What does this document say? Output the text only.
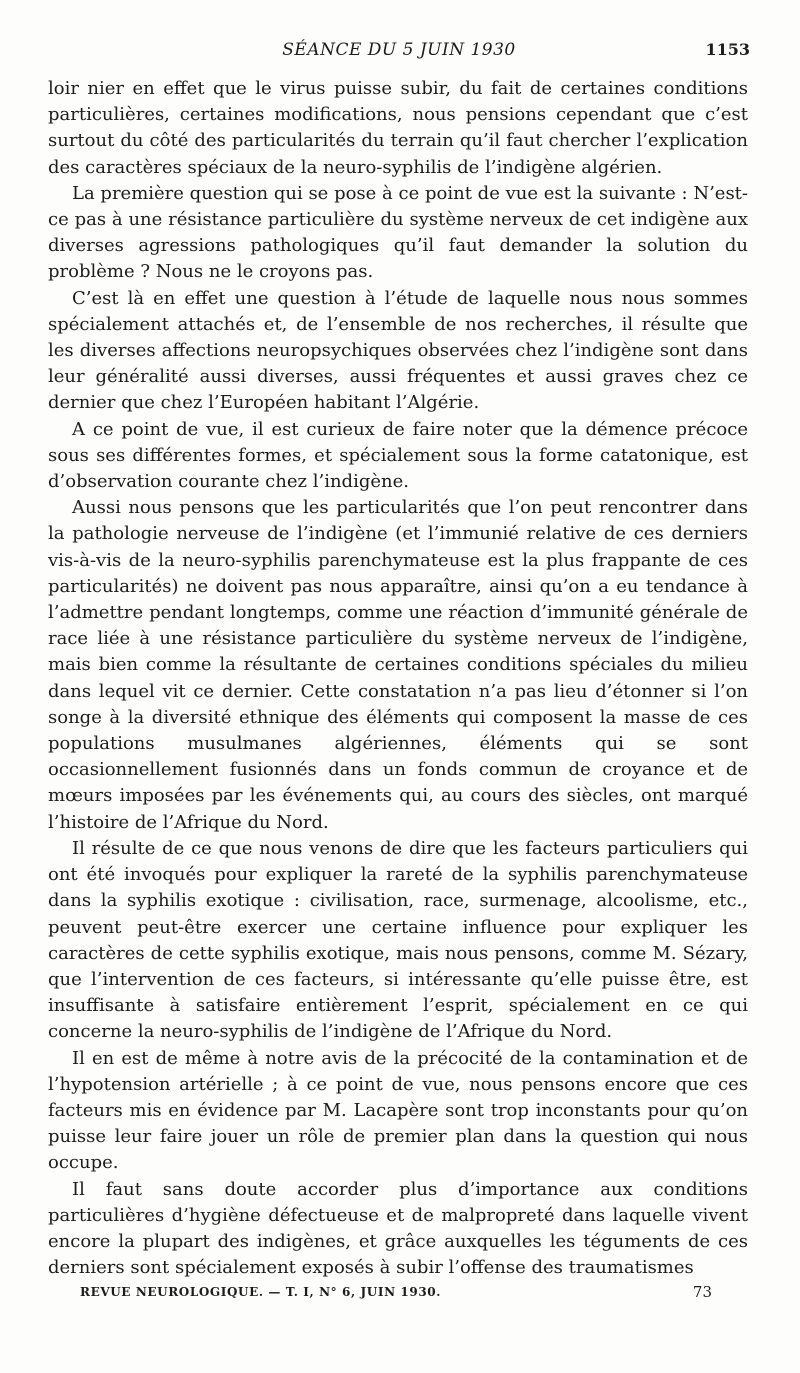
SÉANCE DU 5 JUIN 1930	1153

loir nier en effet que le virus puisse subir, du fait de certaines conditions particulières, certaines modifications, nous pensions cependant que c’est surtout du côté des particularités du terrain qu’il faut chercher l’explication des caractères spéciaux de la neuro-syphilis de l’indigène algérien.

La première question qui se pose à ce point de vue est la suivante : N’est-ce pas à une résistance particulière du système nerveux de cet indigène aux diverses agressions pathologiques qu’il faut demander la solution du problème ? Nous ne le croyons pas.

C’est là en effet une question à l’étude de laquelle nous nous sommes spécialement attachés et, de l’ensemble de nos recherches, il résulte que les diverses affections neuropsychiques observées chez l’indigène sont dans leur généralité aussi diverses, aussi fréquentes et aussi graves chez ce dernier que chez l’Européen habitant l’Algérie.

A ce point de vue, il est curieux de faire noter que la démence précoce sous ses différentes formes, et spécialement sous la forme catatonique, est d’observation courante chez l’indigène.

Aussi nous pensons que les particularités que l’on peut rencontrer dans la pathologie nerveuse de l’indigène (et l’immunié relative de ces derniers vis-à-vis de la neuro-syphilis parenchymateuse est la plus frappante de ces particularités) ne doivent pas nous apparaître, ainsi qu’on a eu tendance à l’admettre pendant longtemps, comme une réaction d’immunité générale de race liée à une résistance particulière du système nerveux de l’indigène, mais bien comme la résultante de certaines conditions spéciales du milieu dans lequel vit ce dernier. Cette constatation n’a pas lieu d’étonner si l’on songe à la diversité ethnique des éléments qui composent la masse de ces populations musulmanes algériennes, éléments qui se sont occasionnellement fusionnés dans un fonds commun de croyance et de mœurs imposées par les événements qui, au cours des siècles, ont marqué l’histoire de l’Afrique du Nord.

Il résulte de ce que nous venons de dire que les facteurs particuliers qui ont été invoqués pour expliquer la rareté de la syphilis parenchymateuse dans la syphilis exotique : civilisation, race, surmenage, alcoolisme, etc., peuvent peut-être exercer une certaine influence pour expliquer les caractères de cette syphilis exotique, mais nous pensons, comme M. Sézary, que l’intervention de ces facteurs, si intéressante qu’elle puisse être, est insuffisante à satisfaire entièrement l’esprit, spécialement en ce qui concerne la neuro-syphilis de l’indigène de l’Afrique du Nord.

Il en est de même à notre avis de la précocité de la contamination et de l’hypotension artérielle ; à ce point de vue, nous pensons encore que ces facteurs mis en évidence par M. Lacapère sont trop inconstants pour qu’on puisse leur faire jouer un rôle de premier plan dans la question qui nous occupe.

Il faut sans doute accorder plus d’importance aux conditions particulières d’hygiène défectueuse et de malpropreté dans laquelle vivent encore la plupart des indigènes, et grâce auxquelles les téguments de ces derniers sont spécialement exposés à subir l’offense des traumatismes

REVUE NEUROLOGIQUE. — T. I, N° 6, JUIN 1930.	73
